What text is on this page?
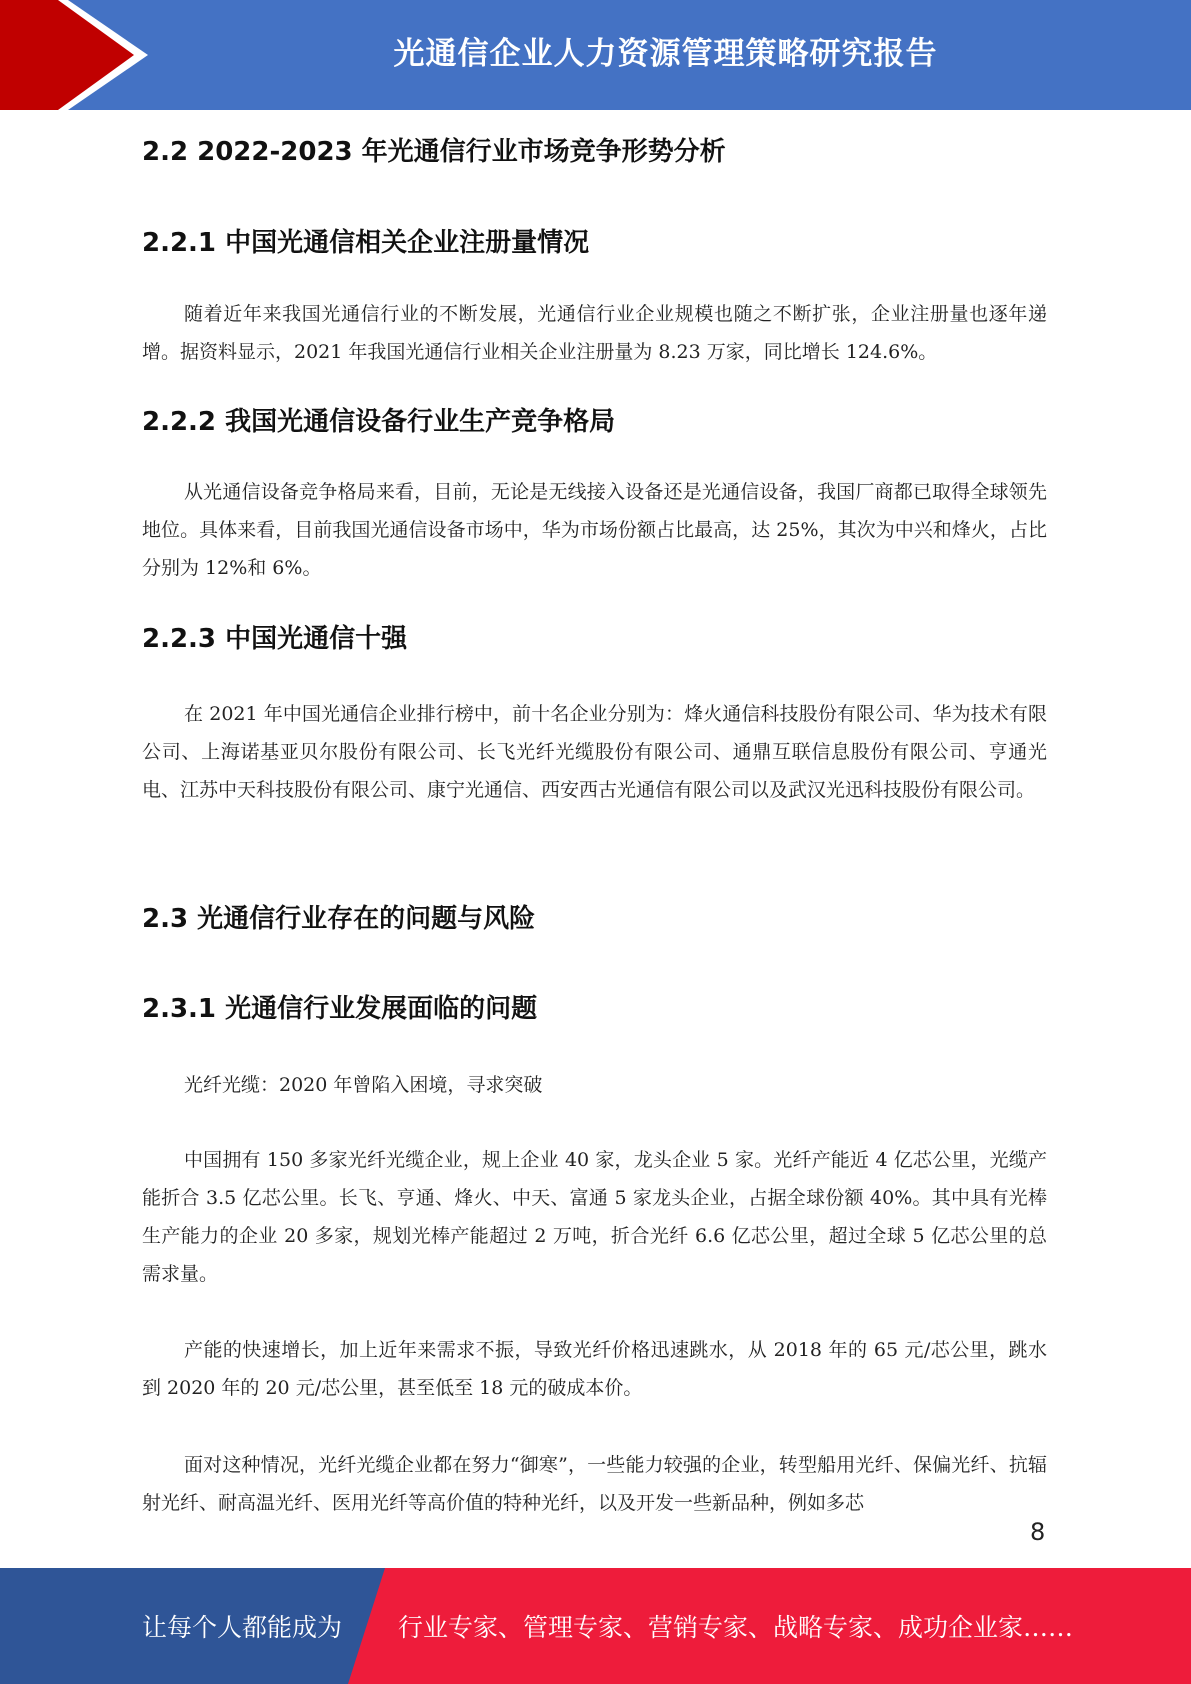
光通信企业人力资源管理策略研究报告
2.2 2022-2023 年光通信行业市场竞争形势分析
2.2.1 中国光通信相关企业注册量情况

随着近年来我国光通信行业的不断发展，光通信行业企业规模也随之不断扩张，企业注册量也逐年递增。据资料显示，2021 年我国光通信行业相关企业注册量为 8.23 万家，同比增长 124.6%。

2.2.2 我国光通信设备行业生产竞争格局

从光通信设备竞争格局来看，目前，无论是无线接入设备还是光通信设备，我国厂商都已取得全球领先地位。具体来看，目前我国光通信设备市场中，华为市场份额占比最高，达 25%，其次为中兴和烽火，占比分别为 12%和 6%。

2.2.3 中国光通信十强

在 2021 年中国光通信企业排行榜中，前十名企业分别为：烽火通信科技股份有限公司、华为技术有限公司、上海诺基亚贝尔股份有限公司、长飞光纤光缆股份有限公司、通鼎互联信息股份有限公司、亨通光电、江苏中天科技股份有限公司、康宁光通信、西安西古光通信有限公司以及武汉光迅科技股份有限公司。

2.3 光通信行业存在的问题与风险
2.3.1 光通信行业发展面临的问题

光纤光缆：2020 年曾陷入困境，寻求突破

中国拥有 150 多家光纤光缆企业，规上企业 40 家，龙头企业 5 家。光纤产能近 4 亿芯公里，光缆产能折合 3.5 亿芯公里。长飞、亨通、烽火、中天、富通 5 家龙头企业，占据全球份额 40%。其中具有光棒生产能力的企业 20 多家，规划光棒产能超过 2 万吨，折合光纤 6.6 亿芯公里，超过全球 5 亿芯公里的总需求量。

产能的快速增长，加上近年来需求不振，导致光纤价格迅速跳水，从 2018 年的 65 元/芯公里，跳水到 2020 年的 20 元/芯公里，甚至低至 18 元的破成本价。

面对这种情况，光纤光缆企业都在努力“御寒”，一些能力较强的企业，转型船用光纤、保偏光纤、抗辐射光纤、耐高温光纤、医用光纤等高价值的特种光纤，以及开发一些新品种，例如多芯

8
让每个人都能成为 行业专家、管理专家、营销专家、战略专家、成功企业家……
